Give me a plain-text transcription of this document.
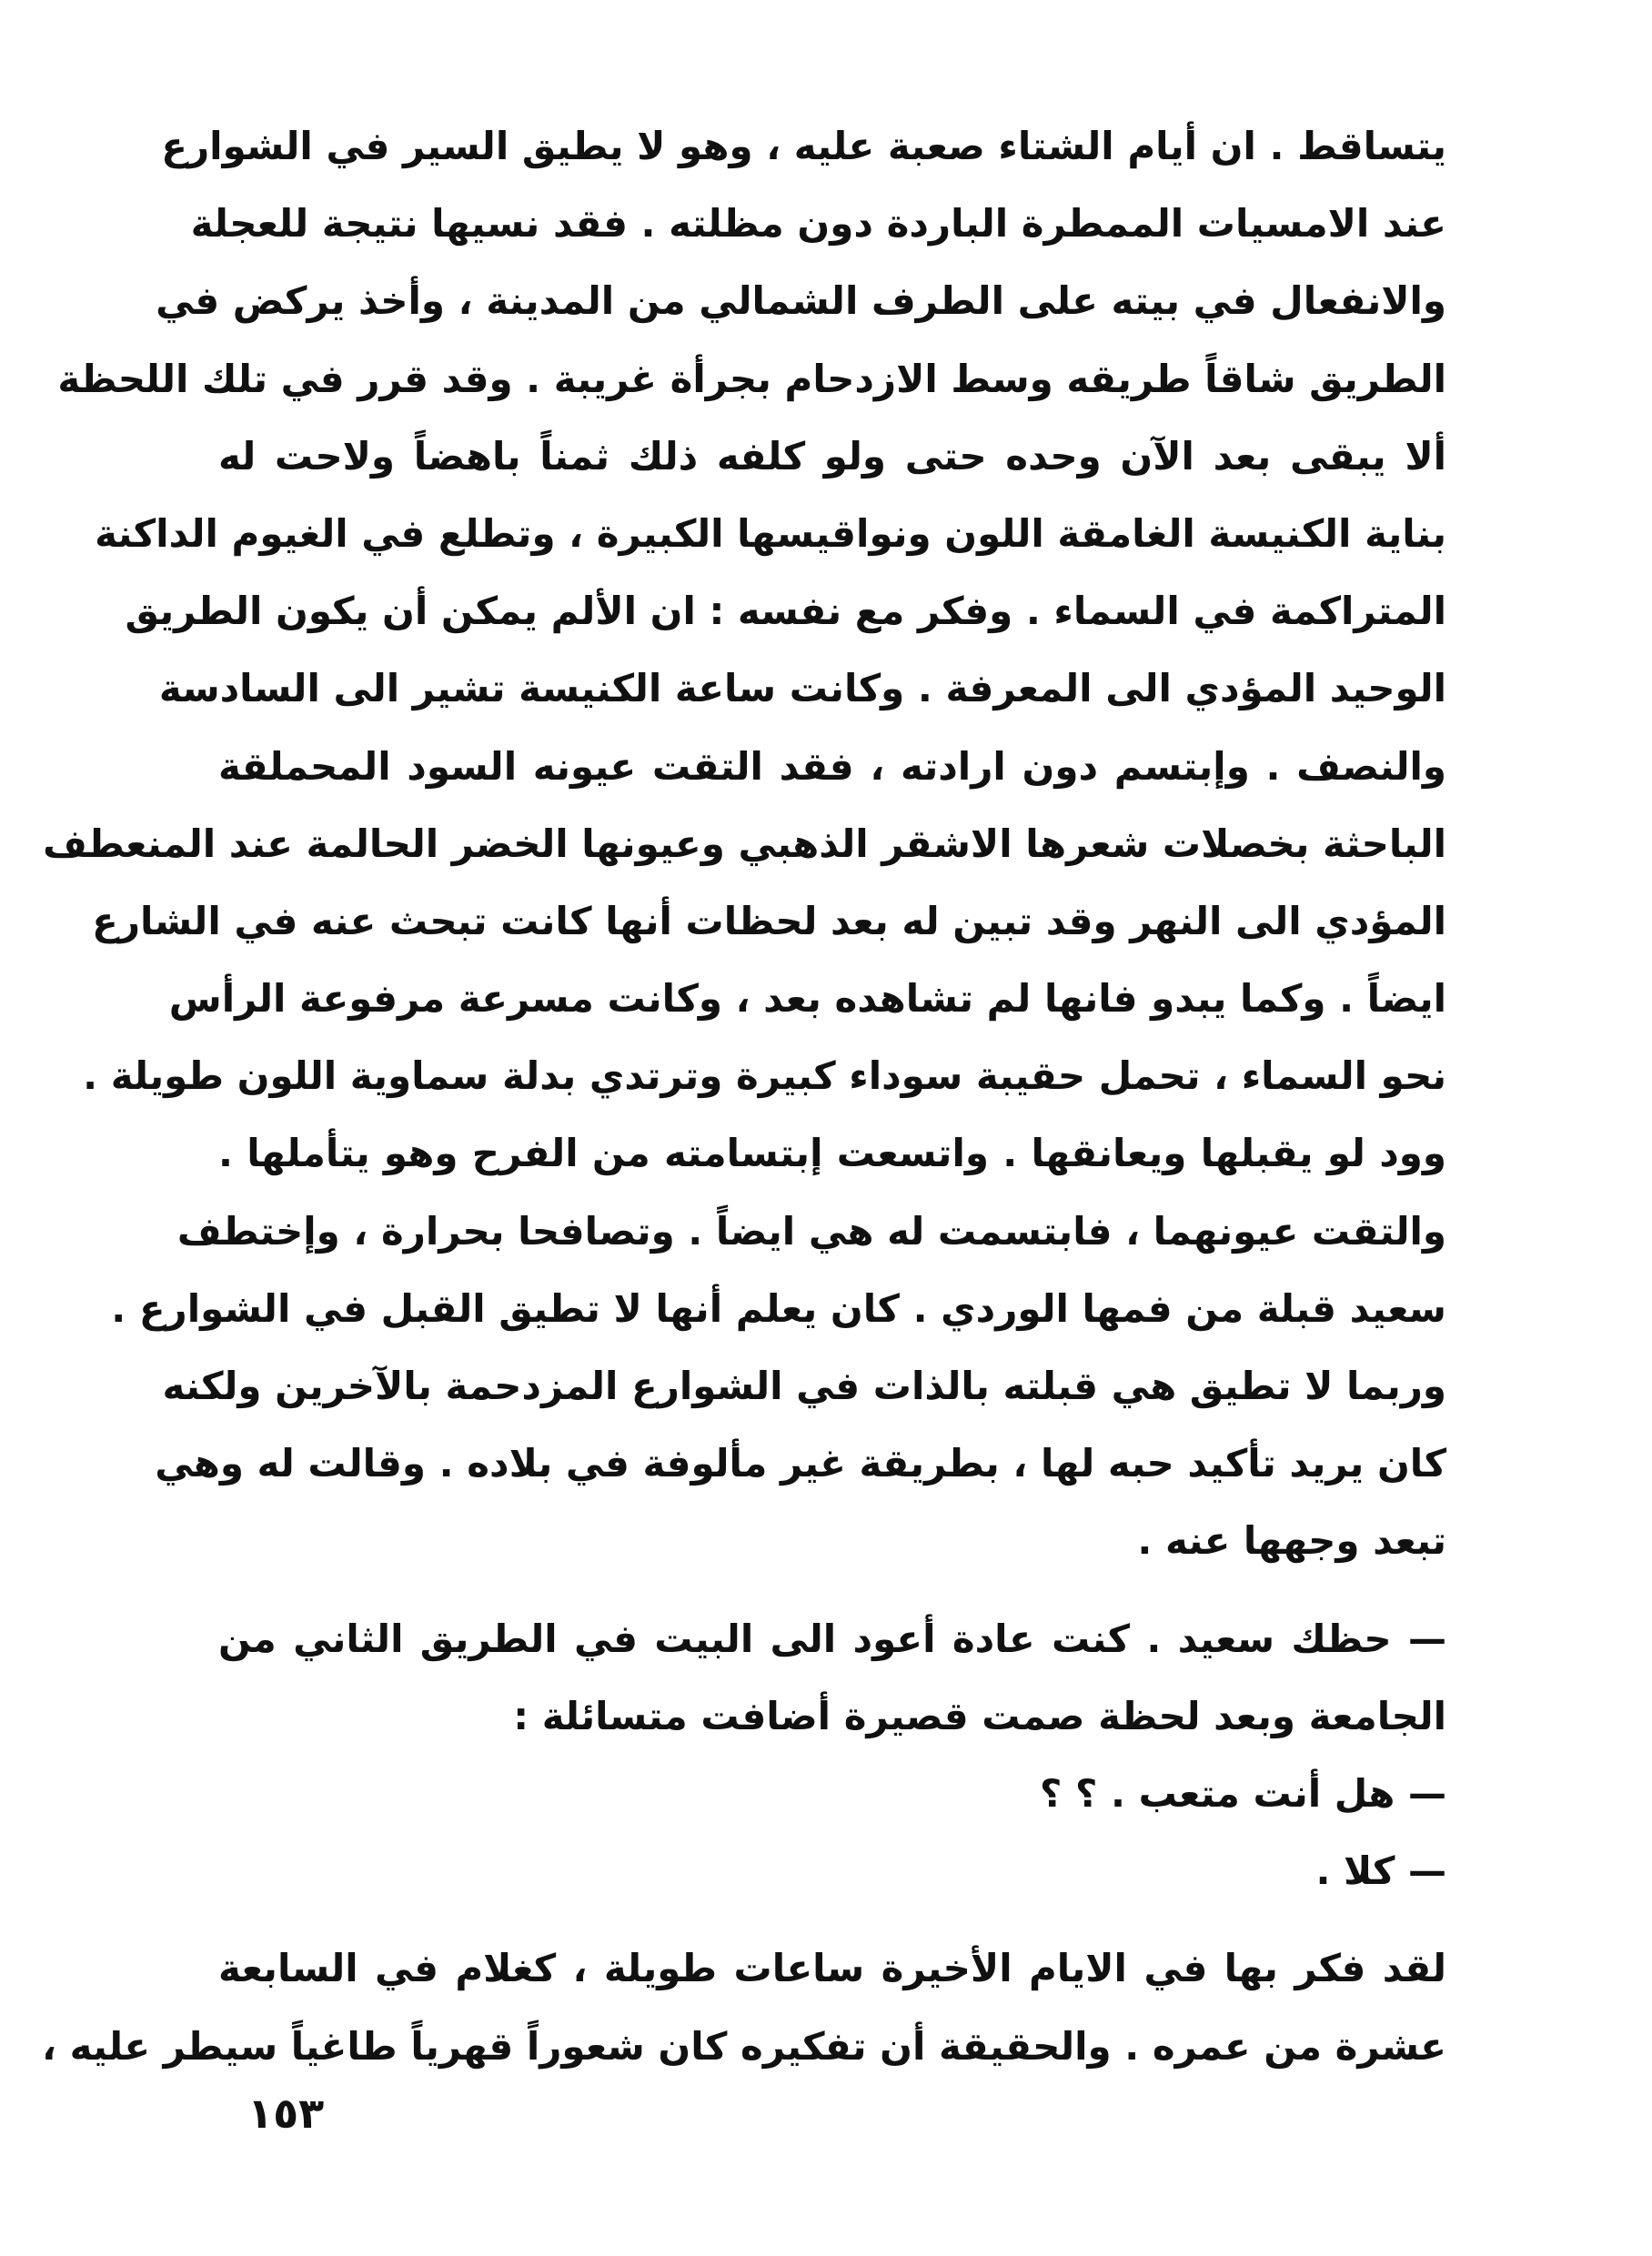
يتساقط . ان أيام الشتاء صعبة عليه ، وهو لا يطيق السير في الشوارع
عند الامسيات الممطرة الباردة دون مظلته . فقد نسيها نتيجة للعجلة
والانفعال في بيته على الطرف الشمالي من المدينة ، وأخذ يركض في
الطريق شاقاً طريقه وسط الازدحام بجرأة غريبة . وقد قرر في تلك اللحظة
ألا يبقى بعد الآن وحده حتى ولو كلفه ذلك ثمناً باهضاً ولاحت له
بناية الكنيسة الغامقة اللون ونواقيسها الكبيرة ، وتطلع في الغيوم الداكنة
المتراكمة في السماء . وفكر مع نفسه : ان الألم يمكن أن يكون الطريق
الوحيد المؤدي الى المعرفة . وكانت ساعة الكنيسة تشير الى السادسة
والنصف . وإبتسم دون ارادته ، فقد التقت عيونه السود المحملقة
الباحثة بخصلات شعرها الاشقر الذهبي وعيونها الخضر الحالمة عند المنعطف
المؤدي الى النهر وقد تبين له بعد لحظات أنها كانت تبحث عنه في الشارع
ايضاً . وكما يبدو فانها لم تشاهده بعد ، وكانت مسرعة مرفوعة الرأس
نحو السماء ، تحمل حقيبة سوداء كبيرة وترتدي بدلة سماوية اللون طويلة .
وود لو يقبلها ويعانقها . واتسعت إبتسامته من الفرح وهو يتأملها .
والتقت عيونهما ، فابتسمت له هي ايضاً . وتصافحا بحرارة ، وإختطف
سعيد قبلة من فمها الوردي . كان يعلم أنها لا تطيق القبل في الشوارع .
وربما لا تطيق هي قبلته بالذات في الشوارع المزدحمة بالآخرين ولكنه
كان يريد تأكيد حبه لها ، بطريقة غير مألوفة في بلاده . وقالت له وهي
تبعد وجهها عنه .
— حظك سعيد . كنت عادة أعود الى البيت في الطريق الثاني من
الجامعة وبعد لحظة صمت قصيرة أضافت متسائلة :
— هل أنت متعب . ؟ ؟
— كلا .
لقد فكر بها في الايام الأخيرة ساعات طويلة ، كغلام في السابعة
عشرة من عمره . والحقيقة أن تفكيره كان شعوراً قهرياً طاغياً سيطر عليه ،
١٥٣
